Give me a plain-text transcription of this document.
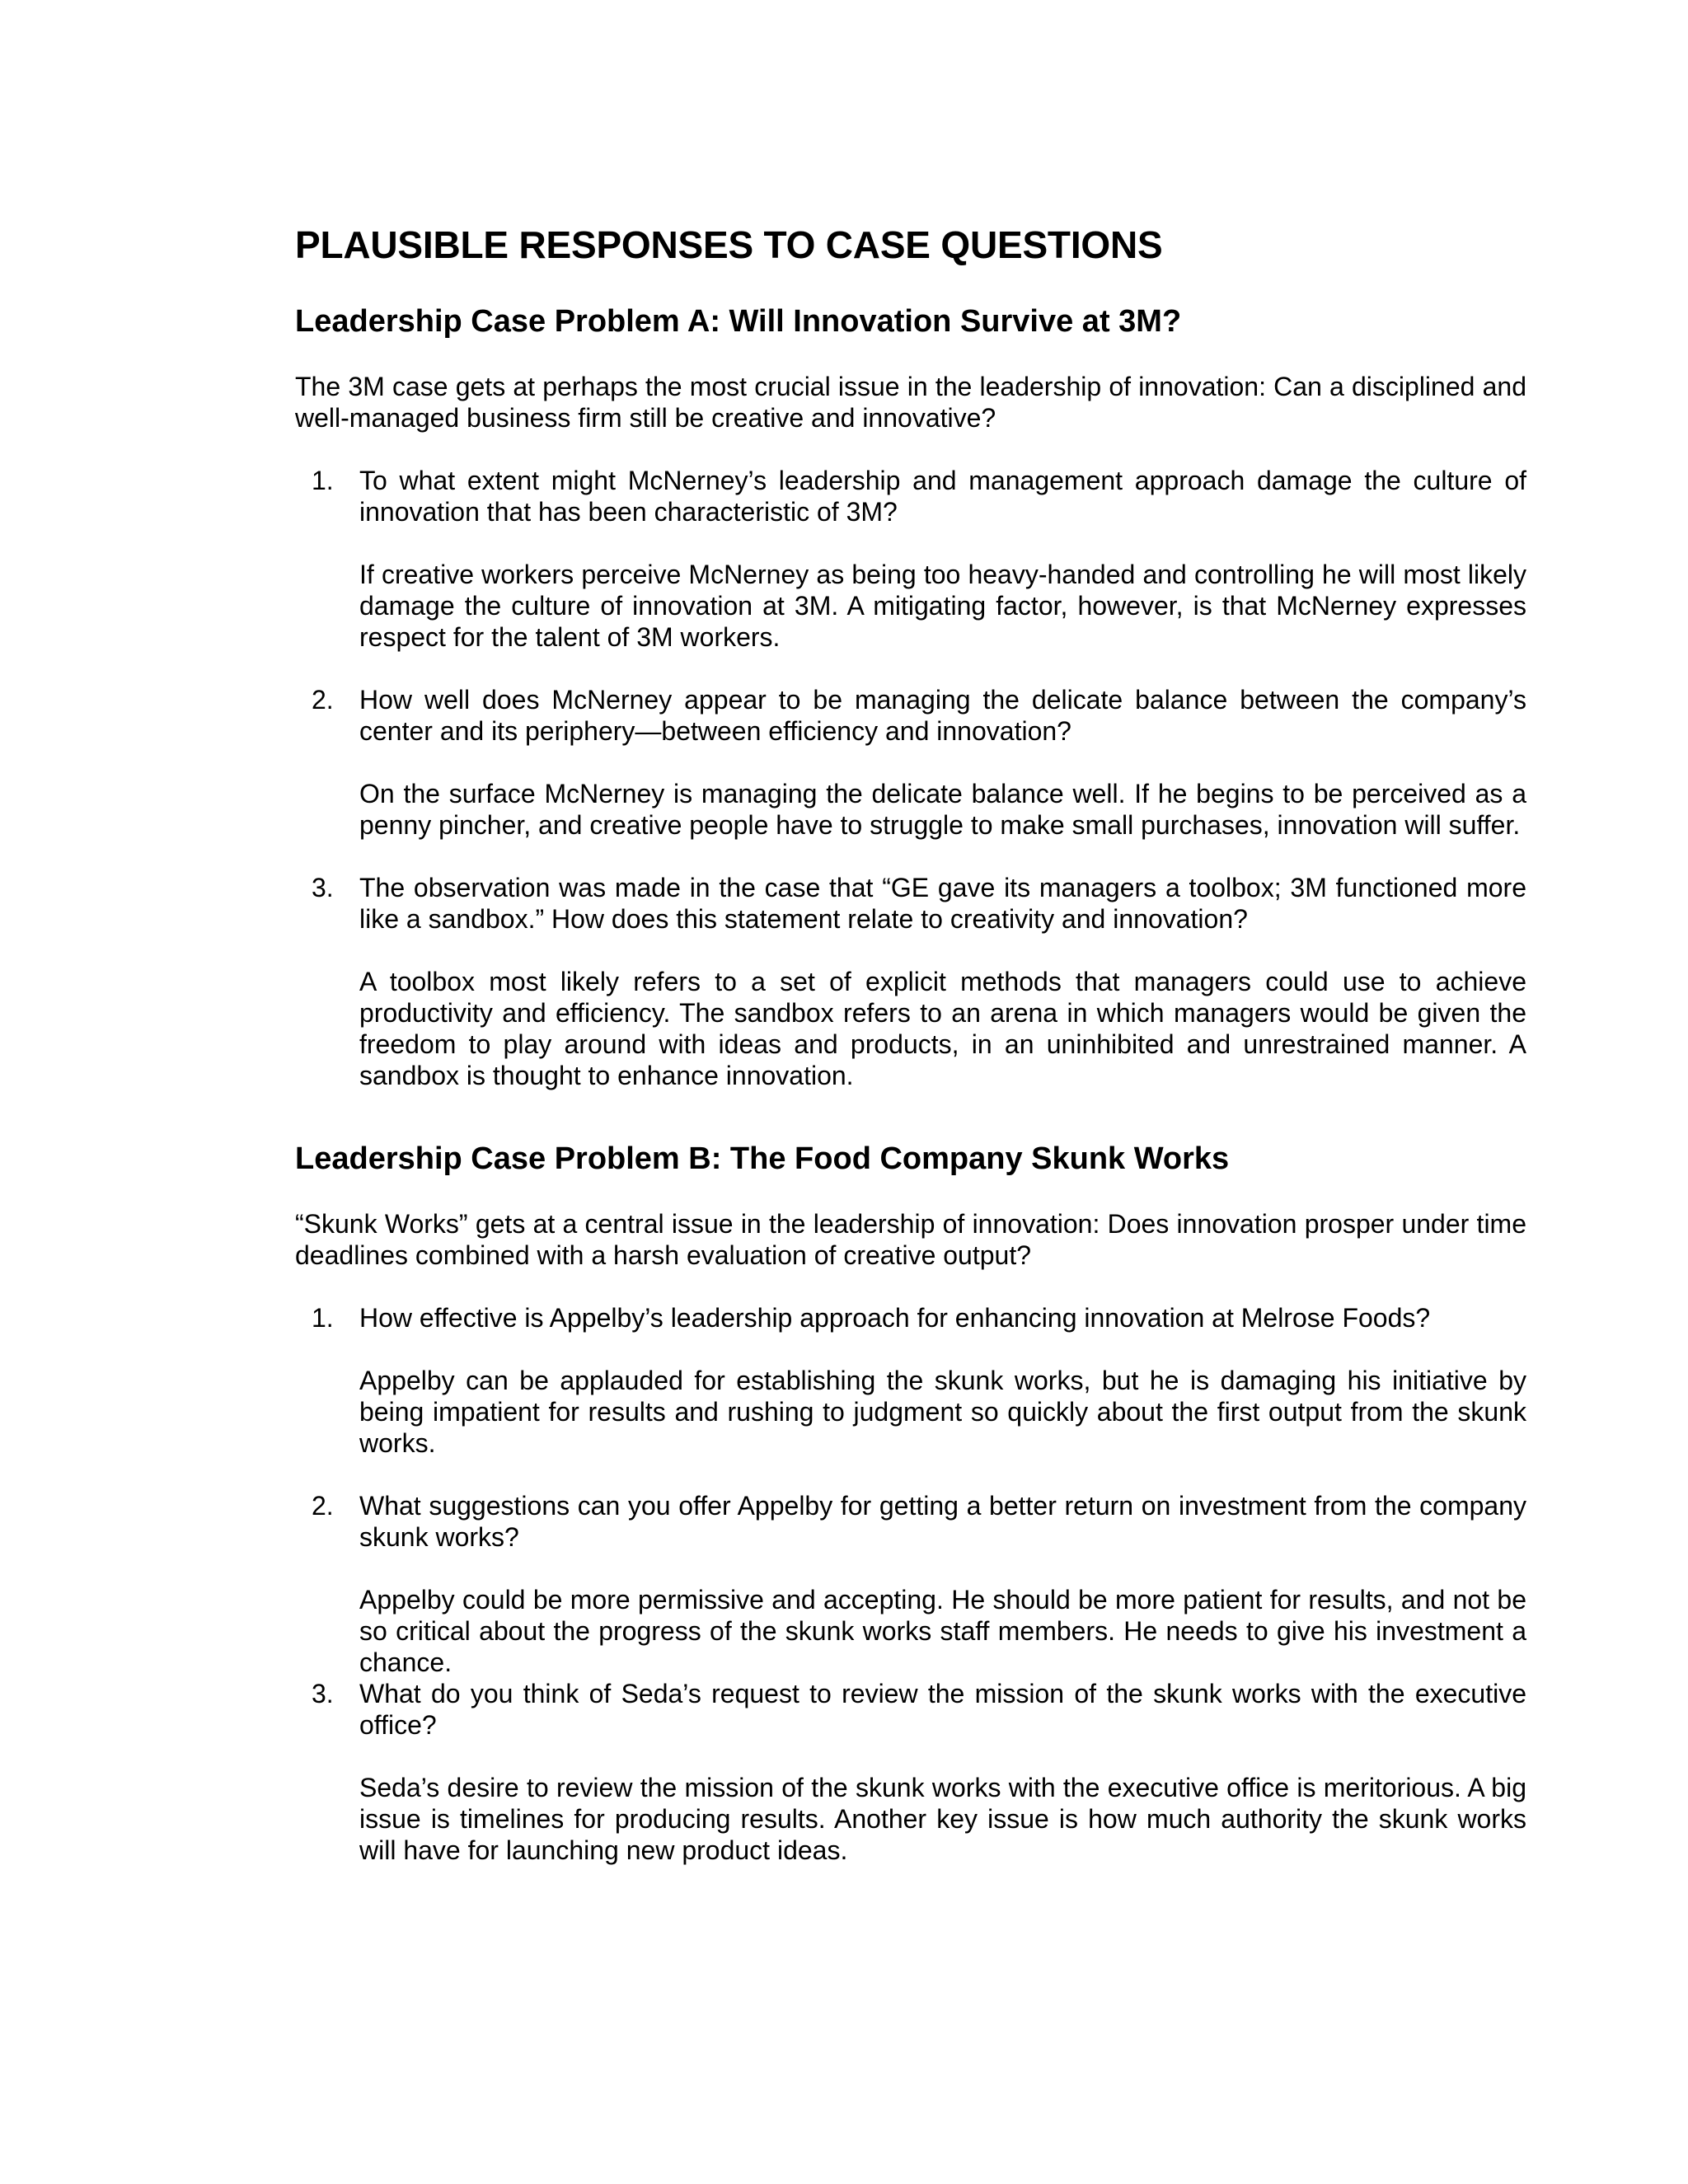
PLAUSIBLE RESPONSES TO CASE QUESTIONS
Leadership Case Problem A: Will Innovation Survive at 3M?

The 3M case gets at perhaps the most crucial issue in the leadership of innovation: Can a disciplined and well-managed business firm still be creative and innovative?

1. To what extent might McNerney’s leadership and management approach damage the culture of innovation that has been characteristic of 3M?

If creative workers perceive McNerney as being too heavy-handed and controlling he will most likely damage the culture of innovation at 3M. A mitigating factor, however, is that McNerney expresses respect for the talent of 3M workers.

2. How well does McNerney appear to be managing the delicate balance between the company’s center and its periphery—between efficiency and innovation?

On the surface McNerney is managing the delicate balance well. If he begins to be perceived as a penny pincher, and creative people have to struggle to make small purchases, innovation will suffer.

3. The observation was made in the case that “GE gave its managers a toolbox; 3M functioned more like a sandbox.” How does this statement relate to creativity and innovation?

A toolbox most likely refers to a set of explicit methods that managers could use to achieve productivity and efficiency. The sandbox refers to an arena in which managers would be given the freedom to play around with ideas and products, in an uninhibited and unrestrained manner. A sandbox is thought to enhance innovation.

Leadership Case Problem B: The Food Company Skunk Works

“Skunk Works” gets at a central issue in the leadership of innovation: Does innovation prosper under time deadlines combined with a harsh evaluation of creative output?

1. How effective is Appelby’s leadership approach for enhancing innovation at Melrose Foods?

Appelby can be applauded for establishing the skunk works, but he is damaging his initiative by being impatient for results and rushing to judgment so quickly about the first output from the skunk works.

2. What suggestions can you offer Appelby for getting a better return on investment from the company skunk works?

Appelby could be more permissive and accepting. He should be more patient for results, and not be so critical about the progress of the skunk works staff members. He needs to give his investment a chance.

3. What do you think of Seda’s request to review the mission of the skunk works with the executive office?

Seda’s desire to review the mission of the skunk works with the executive office is meritorious. A big issue is timelines for producing results. Another key issue is how much authority the skunk works will have for launching new product ideas.
